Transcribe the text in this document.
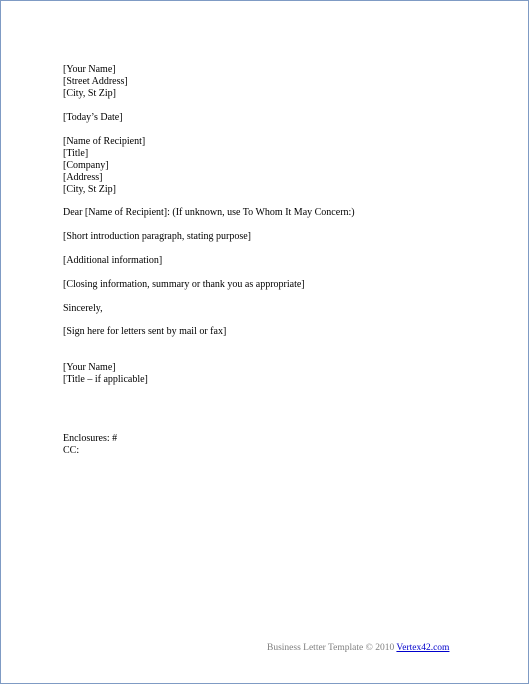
[Your Name]
[Street Address]
[City, St Zip]
[Today’s Date]
[Name of Recipient]
[Title]
[Company]
[Address]
[City, St Zip]
Dear [Name of Recipient]: (If unknown, use To Whom It May Concern:)
[Short introduction paragraph, stating purpose]
[Additional information]
[Closing information, summary or thank you as appropriate]
Sincerely,
[Sign here for letters sent by mail or fax]
[Your Name]
[Title – if applicable]
Enclosures: #
CC:
Business Letter Template © 2010 Vertex42.com
